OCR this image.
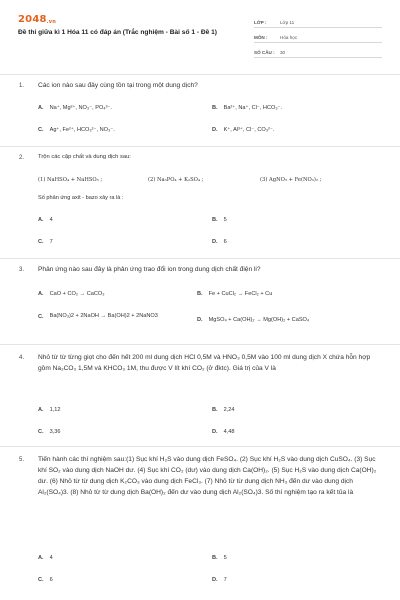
2048.vn
Đề thi giữa kì 1 Hóa 11 có đáp án (Trắc nghiệm - Bài số 1 - Đề 1)
LỚP :	Lớp 11
MÔN :	Hóa học
SỐ CÂU :	30
1. Các ion nào sau đây cùng tồn tại trong một dung dịch?
A. Na⁺, Mg²⁺, NO₃⁻, PO₄³⁻.	B. Ba²⁺, Na⁺, Cl⁻, HCO₃⁻.
C. Ag⁺, Fe²⁺, HCO₃²⁻, NO₃⁻.	D. K⁺, Al³⁺, Cl⁻, CO₃²⁻.
2. Trộn các cặp chất và dung dịch sau:
(1) NaHSO₄ + NaHSO₃ ;	(2) Na₃PO₄ + K₂SO₄ ;	(3) AgNO₃ + Fe(NO₃)₂ ;
Số phản ứng axit - bazo xảy ra là :
A. 4	B. 5
C. 7	D. 6
3. Phản ứng nào sau đây là phản ứng trao đổi ion trong dung dịch chất điện li?
A. CaO + CO₂ → CaCO₃	B. Fe + CuCl₂ → FeCl₂ + Cu
C. Ba(NO₃)2 + 2NaOH → Ba(OH)2 + 2NaNO3
D. MgSO₄ + Ca(OH)₂ → Mg(OH)₂ + CaSO₄
4. Nhỏ từ từ từng giọt cho đến hết 200 ml dung dịch HCl 0,5M và HNO₃ 0,5M vào 100 ml dung dịch X chứa hỗn hợp gồm Na₂CO₃ 1,5M và KHCO₃ 1M, thu được V lít khí CO₂ (ở đktc). Giá trị của V là
A. 1,12	B. 2,24
C. 3,36	D. 4,48
5. Tiến hành các thí nghiệm sau:(1) Sục khí H₂S vào dung dịch FeSO₄. (2) Sục khí H₂S vào dung dịch CuSO₄. (3) Sục khí SO₂ vào dung dịch NaOH dư. (4) Sục khí CO₂ (dư) vào dung dịch Ca(OH)₂. (5) Sục H₂S vào dung dịch Ca(OH)₂ dư. (6) Nhỏ từ từ dung dịch K₂CO₃ vào dung dịch FeCl₃. (7) Nhỏ từ từ dung dịch NH₃ đến dư vào dung dịch Al₂(SO₄)3. (8) Nhỏ từ từ dung dịch Ba(OH)₂ đến dư vào dung dịch Al₂(SO₄)3. Số thí nghiệm tạo ra kết tủa là
A. 4	B. 5
C. 6	D. 7
